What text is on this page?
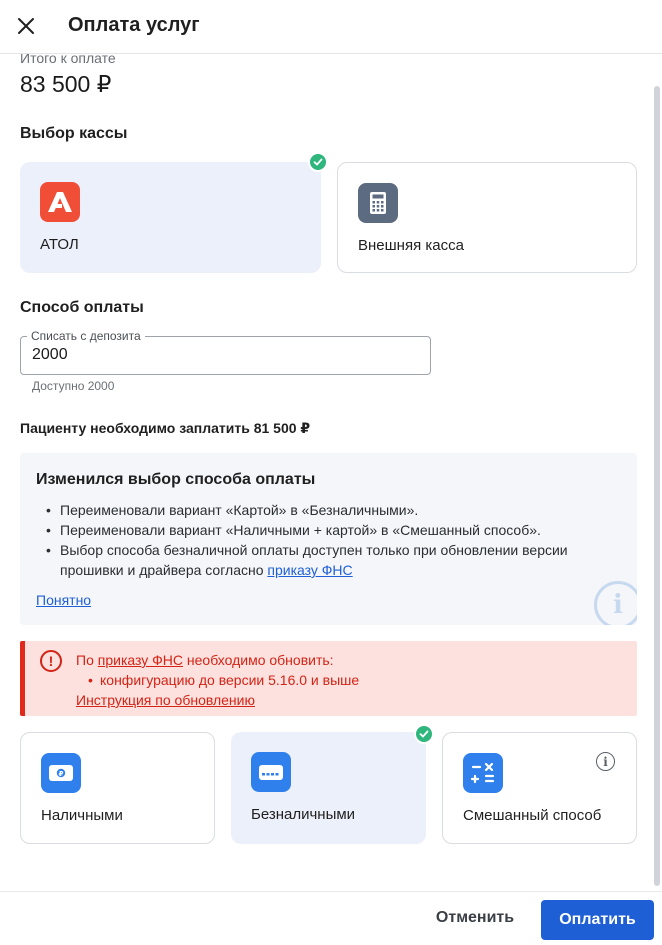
Оплата услуг
Итого к оплате
83 500 ₽
Выбор кассы
АТОЛ	Внешняя касса
Способ оплаты
Списать с депозита
2000
Доступно 2000
Пациенту необходимо заплатить 81 500 ₽
Изменился выбор способа оплаты
• Переименовали вариант «Картой» в «Безналичными».
• Переименовали вариант «Наличными + картой» в «Смешанный способ».
• Выбор способа безналичной оплаты доступен только при обновлении версии прошивки и драйвера согласно приказу ФНС
Понятно	i
!	По приказу ФНС необходимо обновить:
• конфигурацию до версии 5.16.0 и выше
Инструкция по обновлению
₽
Наличными	Безналичными	Смешанный способ
i
Отменить	Оплатить
